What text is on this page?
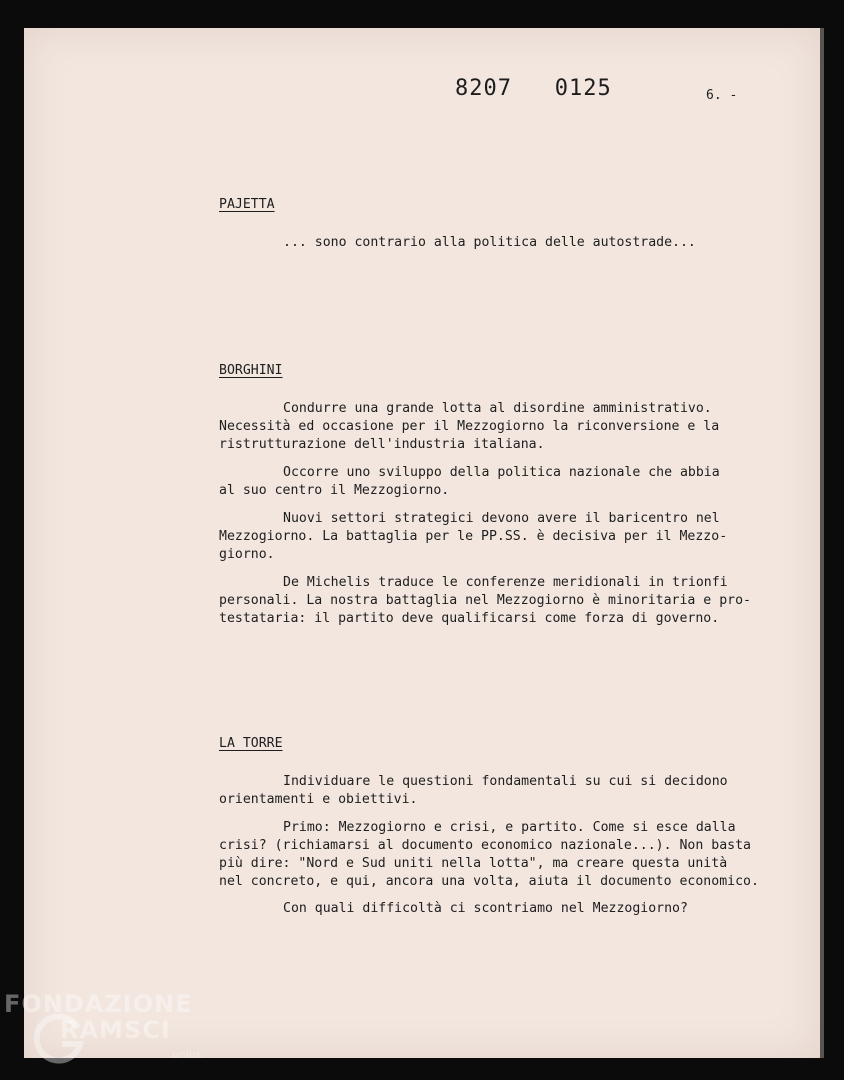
8207   0125	6. -
PAJETTA
... sono contrario alla politica delle autostrade...
BORGHINI
Condurre una grande lotta al disordine amministrativo.
Necessità ed occasione per il Mezzogiorno la riconversione e la
ristrutturazione dell'industria italiana.
Occorre uno sviluppo della politica nazionale che abbia
al suo centro il Mezzogiorno.
Nuovi settori strategici devono avere il baricentro nel
Mezzogiorno. La battaglia per le PP.SS. è decisiva per il Mezzo-
giorno.
De Michelis traduce le conferenze meridionali in trionfi
personali. La nostra battaglia nel Mezzogiorno è minoritaria e pro-
testataria: il partito deve qualificarsi come forza di governo.
LA TORRE
Individuare le questioni fondamentali su cui si decidono
orientamenti e obiettivi.
Primo: Mezzogiorno e crisi, e partito. Come si esce dalla
crisi? (richiamarsi al documento economico nazionale...). Non basta
più dire: "Nord e Sud uniti nella lotta", ma creare questa unità
nel concreto, e qui, ancora una volta, aiuta il documento economico.
Con quali difficoltà ci scontriamo nel Mezzogiorno?
FONDAZIONE
RAMSCI
onlus
